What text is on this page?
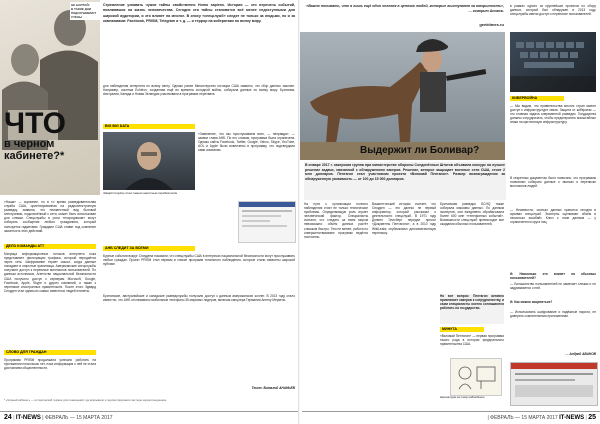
НЕ БОЛТАЙ!
В ТАКИЕ ДНИ
ПОДСЛУШИВАЮТ
СТЕНЫ
ЧТО
в черном
кабинете?*
Стремление узнавать чужие тайны свойственно Homo sapiens. История — это перечень событий, повлиявших на жизнь человечества. Сегодня эти тайны становятся всё менее недоступными для широкой аудитории, и это влияет на многое. В эпоху «спецслужб» следят не только за людьми, но и за компаниями: Facebook, PRISM, Telegram и т. д. — и террор на кибератаки по всему миру.
«Наша» — скромнее, но в то время разведывательная служба США, ориентированная на радиоэлектронную разведку, заявила, что неизвестный вид бытовой электроники, подключённый к сети, может быть использован для слежки. Спецслужбы в роли «посредников» могут собирать сообщения любого гражданина, который пользуется гаджетами. Граждане США ставят под сомнение законность этих действий.
ДЕЛО КОМАНДЫ ATT
Матрица информационных потоков интернета пока представляет фильтрацию трафика, который передаётся через сеть. Шифрование теряет смысл, когда данные попадают в открытые хранилища. Американские спецслужбы получают доступ к переписке миллионов пользователей. По данным источников, Агентство национальной безопасности США получило доступ к серверам Microsoft, Google, Facebook, Apple, Skype и других компаний, а также к переписке иностранных правительств. После этого Эдвард Сноуден стал одним из самых известных людей планеты.
СЛОВО ДЛЯ ГРАЖДАН
Программа PRISM продолжала успешно работать на протяжении нескольких лет, пока информация о ней не стала достоянием общественности.
для наблюдения интернета по всему свету. Однако ранее Министерство юстиции США заявило, что сбор данных законен. Например, система Echelon, созданная ещё во времена холодной войны, собирала данные по всему миру. Британия, Австралия, Канада и Новая Зеландия участвовали в программе перехвата.
BIG BIG DATA
Эдвард Сноуден стал самым известным перебежчиком
«Заявление, что мы прослушиваем всех, — неправда», — заявил глава АНБ. По его словам, программа была ограничена. Однако сайты Facebook, Twitter, Google, Yahoo, Skype, YouTube, AOL и Apple были вовлечены в программу, что подтвердили сами компании.
АНБ СЛЕДИТ ЗА ВСЕМИ
Бурные события вокруг Сноудена показали, что спецслужбы США в интересах национальной безопасности могут прослушивать любых граждан. Проект PRISM стал первым в списке программ тотального наблюдения, которые стали известны широкой публике.
Британские, австралийские и канадские разведслужбы получали доступ к данным американских коллег. В 2013 году стало известно, что АНБ отслеживало мобильные телефоны 35 мировых лидеров, включая канцлера Германии Ангелу Меркель.
Текст: Виталий АНАНЬЕВ
* «Чёрный кабинет» — исторический термин для помещений, где вскрывали и перлюстрировали частную корреспонденцию.
24 | IT-NEWS | ФЕВРАЛЬ — 15 МАРТА 2017
«Важно понимать, что я лишь ещё один человек в цепочке людей, которые выступают за открытость», — говорит Ассанж.
geektimes.ru
Выдержит ли Боливар?
В январе 2017 г. хакерская группа при министерстве обороны Соединённых Штатов объявила конкурс на лучшее решение задачи, связанной с обнаружением хакеров. Решение, которое защищает военные сети США, стоит 2 млн долларов. Пентагон стал участником проекта «Взломай Пентагон». Размер вознаграждения за обнаруженную уязвимость — от 100 до 15 000 долларов.
На пути к организации полного наблюдения стоят не только технические проблемы. Определяющую роль играет человеческий фактор. Специалисты считают, что следить за всем миром невозможно: объём данных растёт слишком быстро. Тем не менее, работа по совершенствованию программ ведётся постоянно.
Вашингтонский историк считает, что Сноуден — это далеко не первый информатор, который рассказал о деятельности спецслужб. В 1971 году Дэниел Эллсберг передал прессе «Документы Пентагона», а в 2010 году WikiLeaks опубликовал дипломатическую переписку.
Британская разведка GCHQ также собирала массивы данных. По данным экспертов, она ежедневно обрабатывала более 600 млн «телефонных событий». Возможности спецслужб превосходят все ожидания обычных пользователей.
Но вот вопрос: Пентагон активно привлекает хакеров к сотрудничеству, и сами специалисты охотно соглашаются работать на государство.
МИНУТА
«Взломай Пентагон» — первая программа такого рода в истории федерального правительства США.
Карикатура на тему наблюдения
в рамках одного из крупнейших проектов по сбору данных, который был обнаружен в 2013 году, спецслужбы имели доступ к переписке пользователей.
КИБЕРВОЙНА
— Мы видим, что правительства многих стран имеют доступ к инфраструктуре связи. Защита от кибератак — это главная задача современной разведки. Государства должны сотрудничать, чтобы предотвратить масштабные атаки на критическую инфраструктуру.
В секретных документах было написано, что программы позволяют собирать данные о звонках и переписке миллионов людей.
— Неизвестно, сколько данных хранится сегодня в архивах спецслужб. Эксперты оценивают объём в несколько эксабайт. Ключ к этим данным — у ограниченного круга лиц.
И: Насколько это влияет на обычных пользователей?
— Большинство пользователей не замечает слежки и не задумывается о ней.
И: Как можно защититься?
— Использовать шифрование и надёжные пароли, не доверять сомнительным приложениям.
— Андрей АВАНОВ
| ФЕВРАЛЬ — 15 МАРТА 2017 IT-NEWS | 25
